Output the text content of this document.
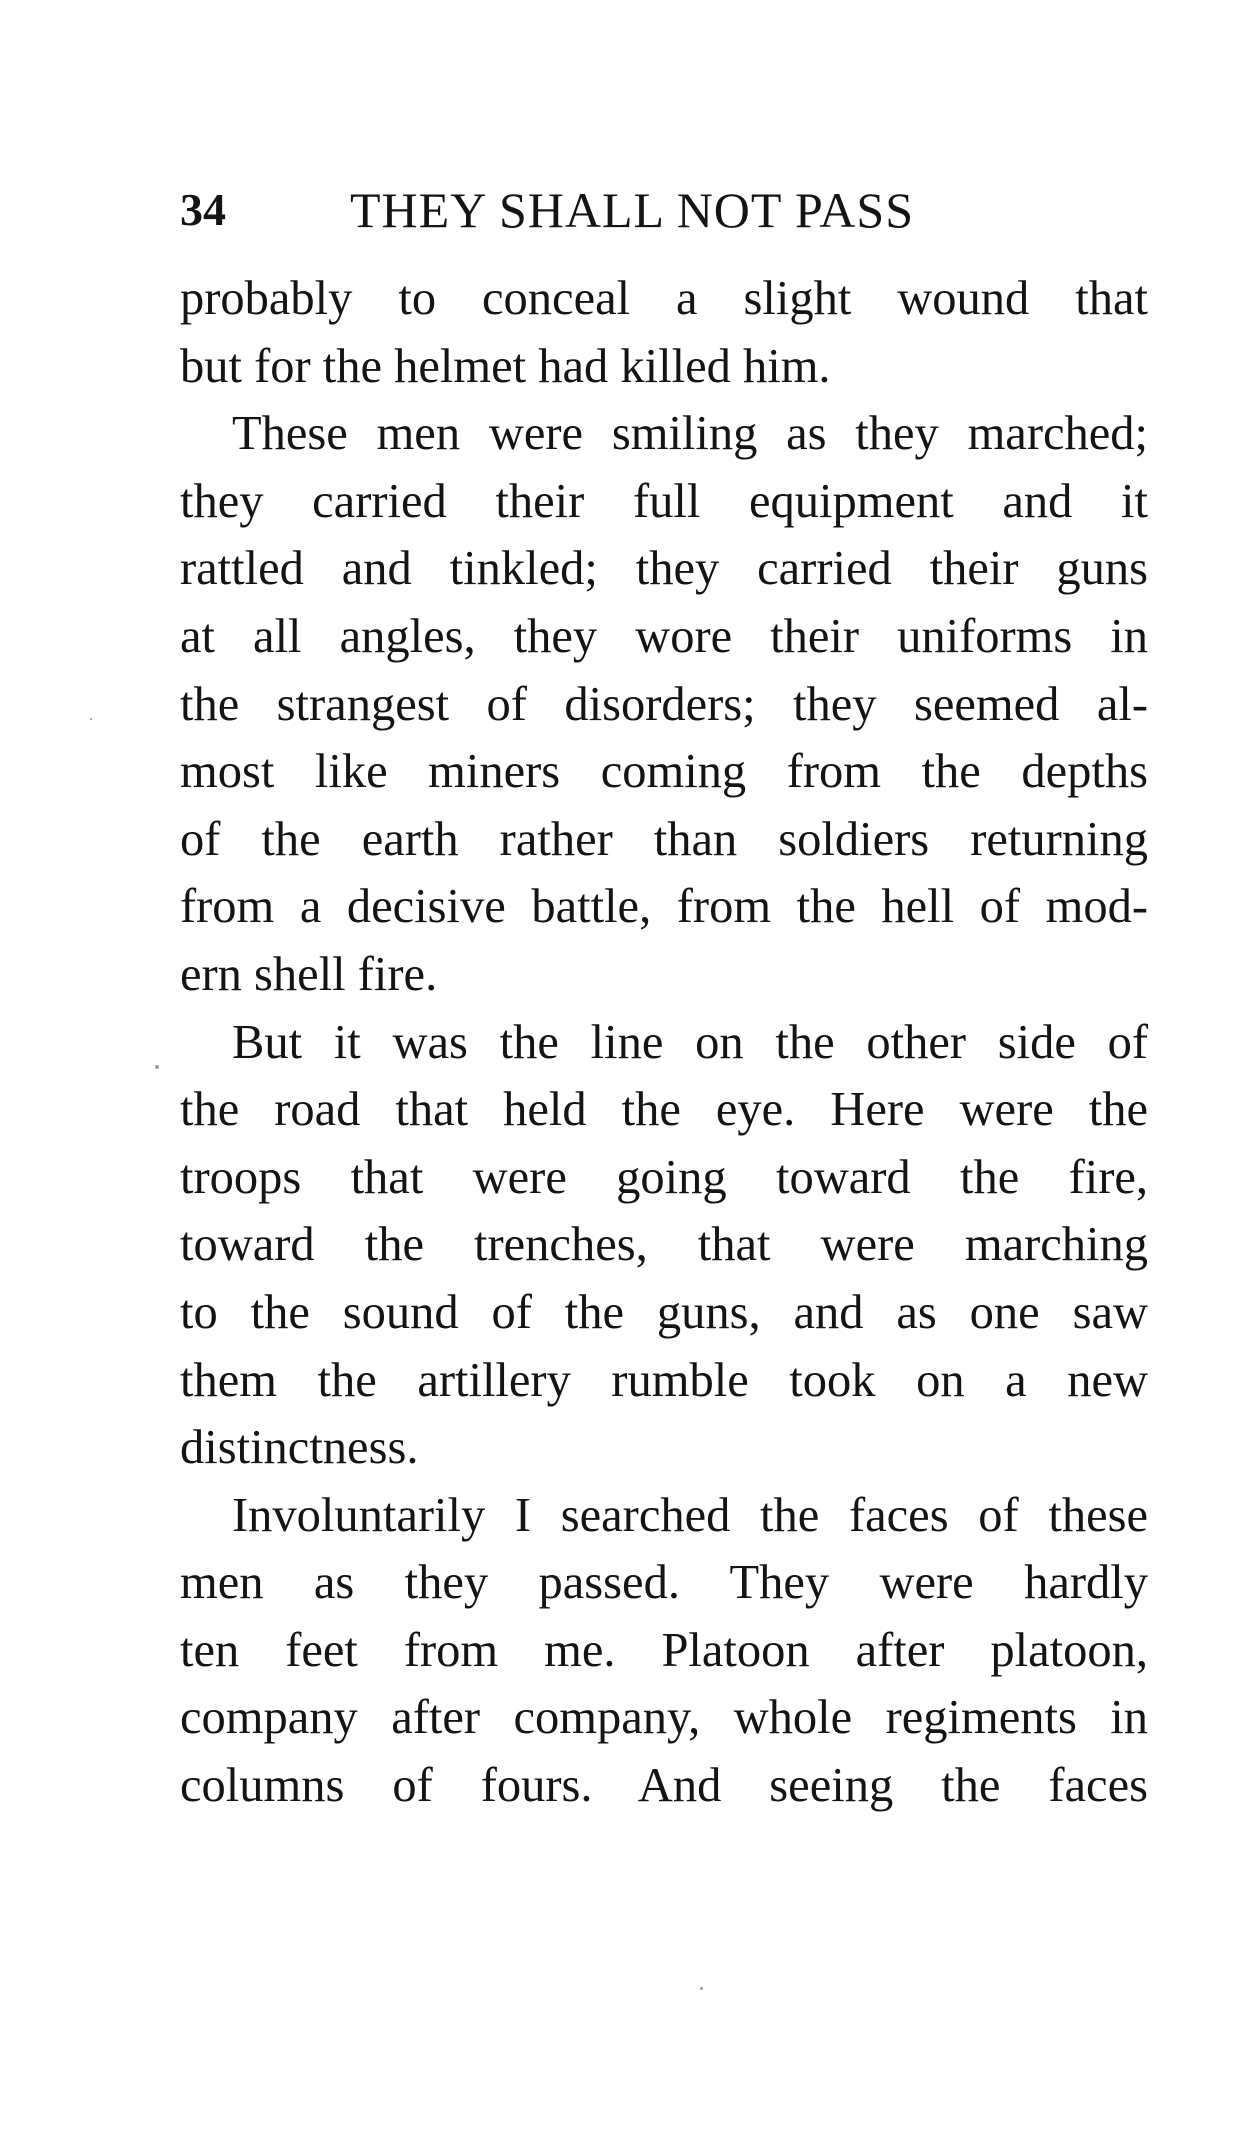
34 THEY SHALL NOT PASS
probably to conceal a slight wound that
but for the helmet had killed him.
These men were smiling as they marched;
they carried their full equipment and it
rattled and tinkled; they carried their guns
at all angles, they wore their uniforms in
the strangest of disorders; they seemed al-
most like miners coming from the depths
of the earth rather than soldiers returning
from a decisive battle, from the hell of mod-
ern shell fire.
But it was the line on the other side of
the road that held the eye. Here were the
troops that were going toward the fire,
toward the trenches, that were marching
to the sound of the guns, and as one saw
them the artillery rumble took on a new
distinctness.
Involuntarily I searched the faces of these
men as they passed. They were hardly
ten feet from me. Platoon after platoon,
company after company, whole regiments in
columns of fours. And seeing the faces
